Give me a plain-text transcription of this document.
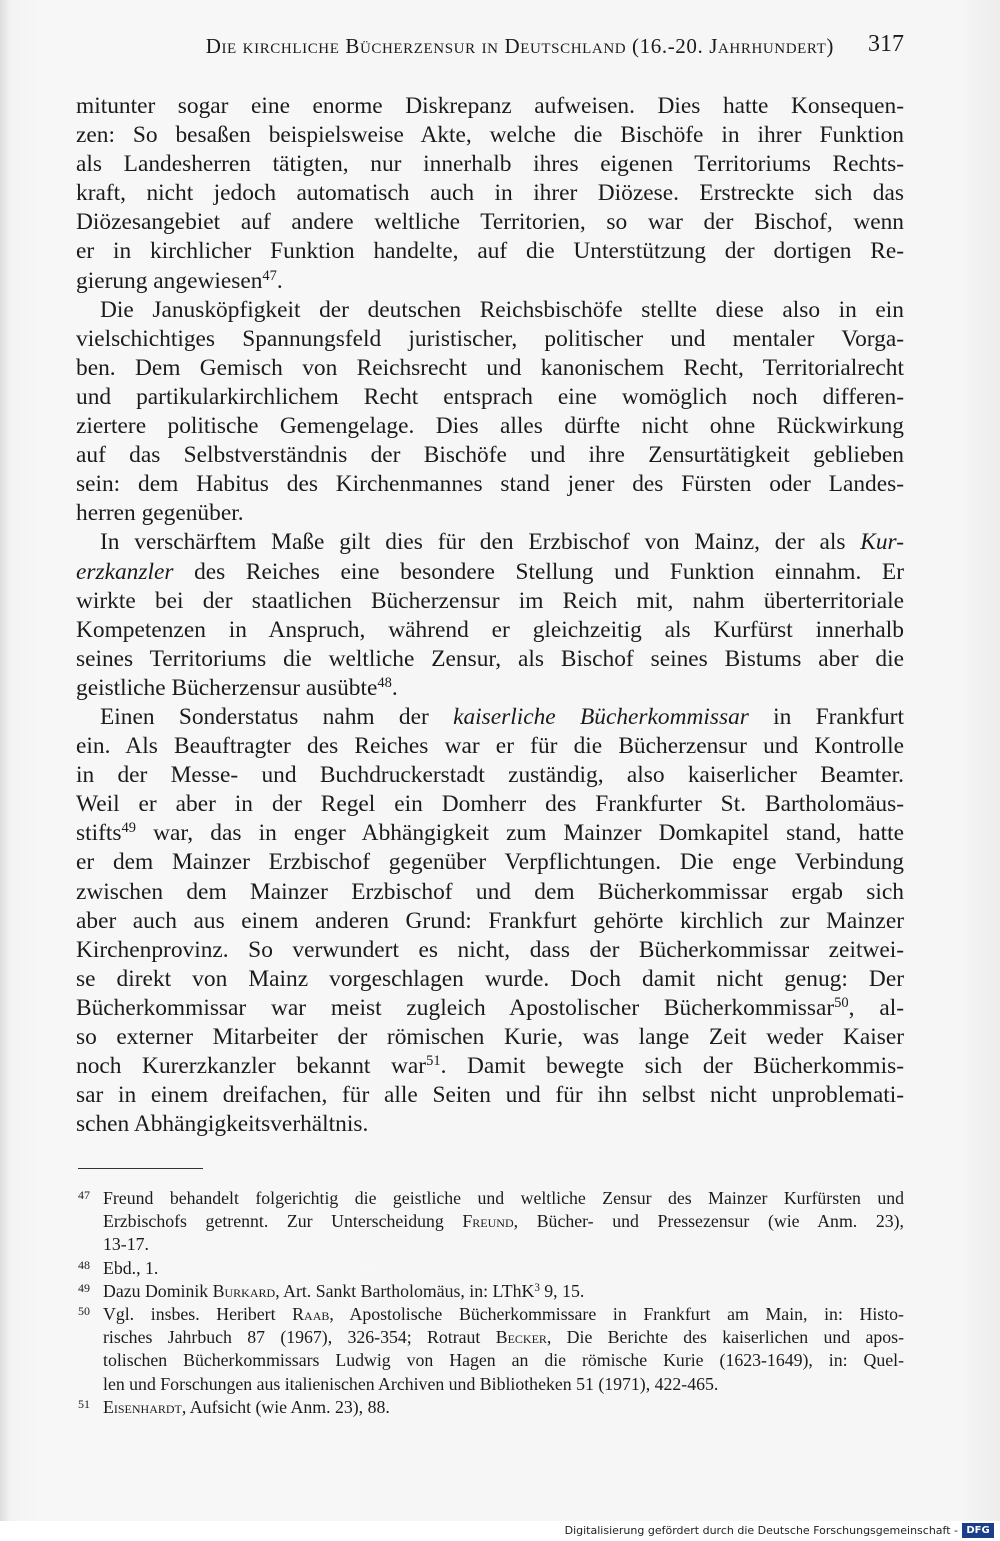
Die kirchliche Bücherzensur in Deutschland (16.-20. Jahrhundert) 317
mitunter sogar eine enorme Diskrepanz aufweisen. Dies hatte Konsequen-
zen: So besaßen beispielsweise Akte, welche die Bischöfe in ihrer Funktion
als Landesherren tätigten, nur innerhalb ihres eigenen Territoriums Rechts-
kraft, nicht jedoch automatisch auch in ihrer Diözese. Erstreckte sich das
Diözesangebiet auf andere weltliche Territorien, so war der Bischof, wenn
er in kirchlicher Funktion handelte, auf die Unterstützung der dortigen Re-
gierung angewiesen$^{47}$.
Die Janusköpfigkeit der deutschen Reichsbischöfe stellte diese also in ein
vielschichtiges Spannungsfeld juristischer, politischer und mentaler Vorga-
ben. Dem Gemisch von Reichsrecht und kanonischem Recht, Territorialrecht
und partikularkirchlichem Recht entsprach eine womöglich noch differen-
ziertere politische Gemengelage. Dies alles dürfte nicht ohne Rückwirkung
auf das Selbstverständnis der Bischöfe und ihre Zensurtätigkeit geblieben
sein: dem Habitus des Kirchenmannes stand jener des Fürsten oder Landes-
herren gegenüber.
In verschärftem Maße gilt dies für den Erzbischof von Mainz, der als Kur-
erzkanzler des Reiches eine besondere Stellung und Funktion einnahm. Er
wirkte bei der staatlichen Bücherzensur im Reich mit, nahm überterritoriale
Kompetenzen in Anspruch, während er gleichzeitig als Kurfürst innerhalb
seines Territoriums die weltliche Zensur, als Bischof seines Bistums aber die
geistliche Bücherzensur ausübte$^{48}$.
Einen Sonderstatus nahm der kaiserliche Bücherkommissar in Frankfurt
ein. Als Beauftragter des Reiches war er für die Bücherzensur und Kontrolle
in der Messe- und Buchdruckerstadt zuständig, also kaiserlicher Beamter.
Weil er aber in der Regel ein Domherr des Frankfurter St. Bartholomäus-
stifts$^{49}$ war, das in enger Abhängigkeit zum Mainzer Domkapitel stand, hatte
er dem Mainzer Erzbischof gegenüber Verpflichtungen. Die enge Verbindung
zwischen dem Mainzer Erzbischof und dem Bücherkommissar ergab sich
aber auch aus einem anderen Grund: Frankfurt gehörte kirchlich zur Mainzer
Kirchenprovinz. So verwundert es nicht, dass der Bücherkommissar zeitwei-
se direkt von Mainz vorgeschlagen wurde. Doch damit nicht genug: Der
Bücherkommissar war meist zugleich Apostolischer Bücherkommissar$^{50}$, al-
so externer Mitarbeiter der römischen Kurie, was lange Zeit weder Kaiser
noch Kurerzkanzler bekannt war$^{51}$. Damit bewegte sich der Bücherkommis-
sar in einem dreifachen, für alle Seiten und für ihn selbst nicht unproblemati-
schen Abhängigkeitsverhältnis.
47 Freund behandelt folgerichtig die geistliche und weltliche Zensur des Mainzer Kurfürsten und
Erzbischofs getrennt. Zur Unterscheidung Freund, Bücher- und Pressezensur (wie Anm. 23),
13-17.
48 Ebd., 1.
49 Dazu Dominik Burkard, Art. Sankt Bartholomäus, in: LThK$^3$ 9, 15.
50 Vgl. insbes. Heribert Raab, Apostolische Bücherkommissare in Frankfurt am Main, in: Histo-
risches Jahrbuch 87 (1967), 326-354; Rotraut Becker, Die Berichte des kaiserlichen und apos-
tolischen Bücherkommissars Ludwig von Hagen an die römische Kurie (1623-1649), in: Quel-
len und Forschungen aus italienischen Archiven und Bibliotheken 51 (1971), 422-465.
51 Eisenhardt, Aufsicht (wie Anm. 23), 88.
Digitalisierung gefördert durch die Deutsche Forschungsgemeinschaft - DFG
